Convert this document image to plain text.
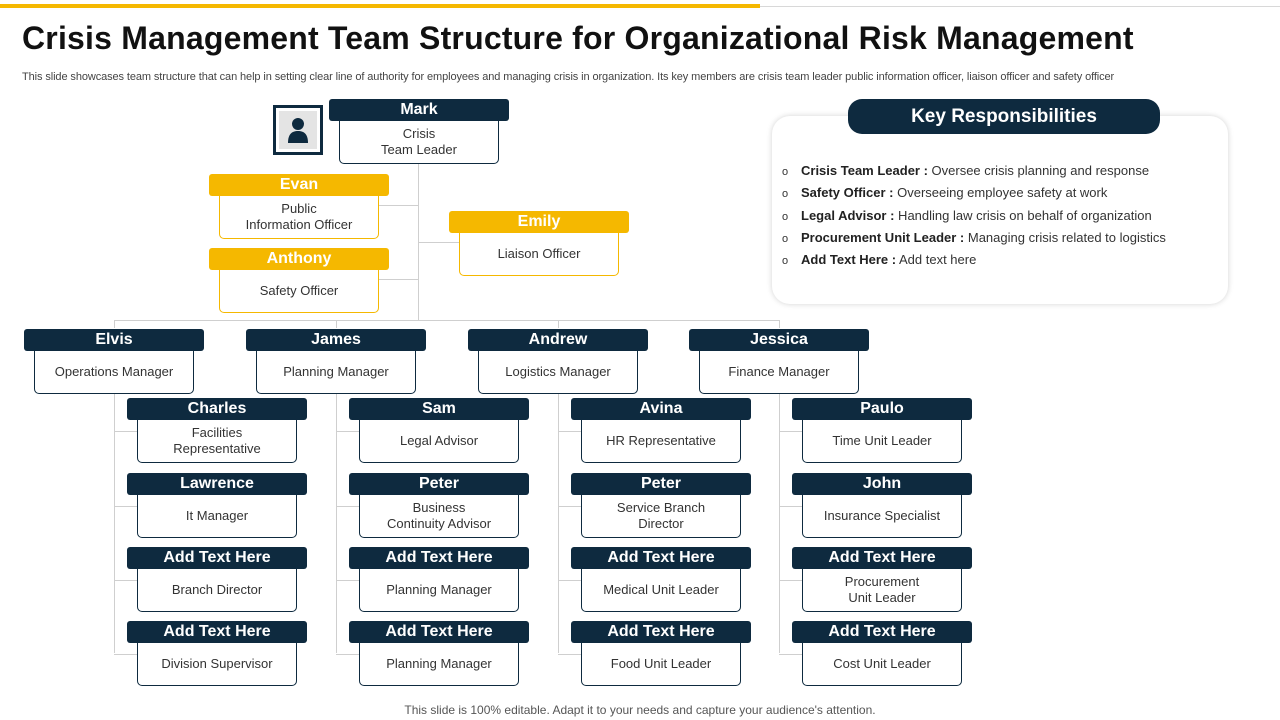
Crisis Management Team Structure for Organizational Risk Management
This slide showcases team structure that can help in setting clear line of authority for employees and managing crisis in organization. Its key members are crisis team leader public information officer, liaison officer and safety officer
Mark
Crisis
Team Leader
Evan
Public
Information Officer
Anthony
Safety Officer
Emily
Liaison Officer
Elvis
Operations Manager
James
Planning Manager
Andrew
Logistics Manager
Jessica
Finance Manager
Charles
Facilities
Representative
Lawrence
It Manager
Add Text Here
Branch Director
Add Text Here
Division Supervisor
Sam
Legal Advisor
Peter
Business
Continuity Advisor
Add Text Here
Planning Manager
Add Text Here
Planning Manager
Avina
HR Representative
Peter
Service Branch
Director
Add Text Here
Medical Unit Leader
Add Text Here
Food Unit Leader
Paulo
Time Unit Leader
John
Insurance Specialist
Add Text Here
Procurement
Unit Leader
Add Text Here
Cost Unit Leader
Key Responsibilities
o Crisis Team Leader : Oversee crisis planning and response
o Safety Officer : Overseeing employee safety at work
o Legal Advisor : Handling law crisis on behalf of organization
o Procurement Unit Leader : Managing crisis related to logistics
o Add Text Here : Add text here
This slide is 100% editable. Adapt it to your needs and capture your audience's attention.
